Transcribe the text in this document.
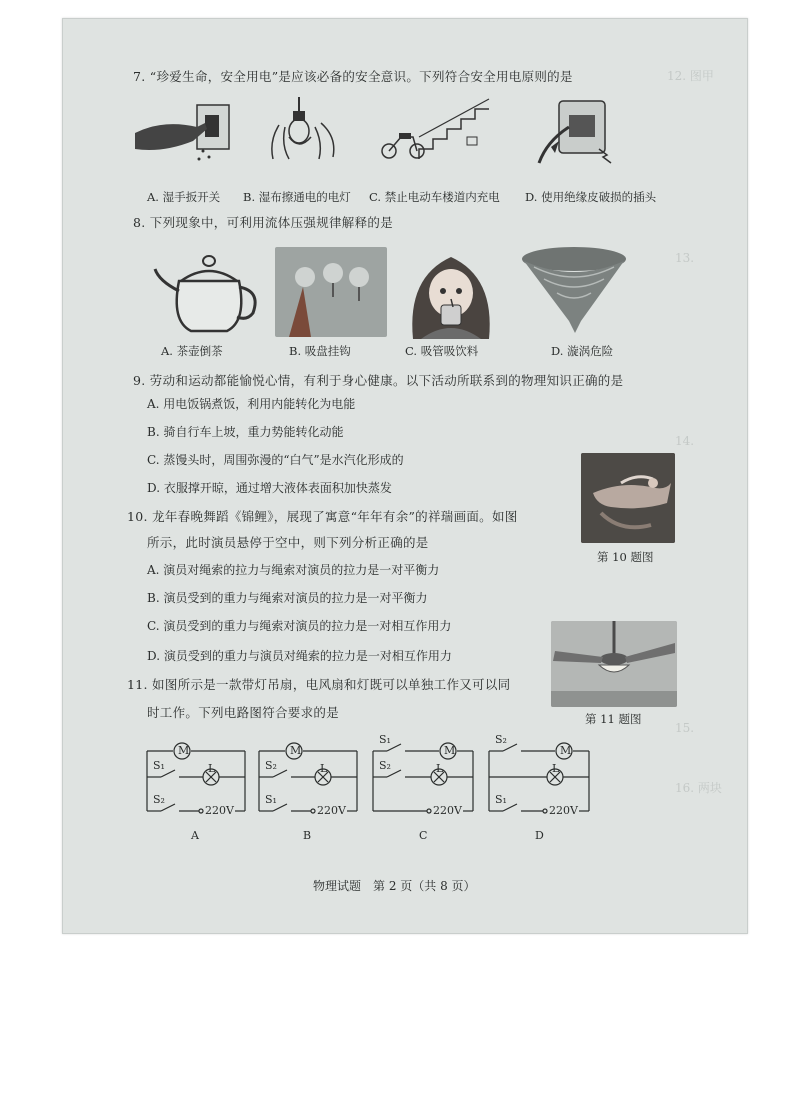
12. 图甲
13.
14.
15.
16. 两块
7. “珍爱生命，安全用电”是应该必备的安全意识。下列符合安全用电原则的是
A. 湿手扳开关 B. 湿布擦通电的电灯 C. 禁止电动车楼道内充电 D. 使用绝缘皮破损的插头
8. 下列现象中，可利用流体压强规律解释的是
A. 茶壶倒茶	B. 吸盘挂钩	C. 吸管吸饮料	D. 漩涡危险
9. 劳动和运动都能愉悦心情，有利于身心健康。以下活动所联系到的物理知识正确的是
A. 用电饭锅煮饭，利用内能转化为电能
B. 骑自行车上坡，重力势能转化动能
C. 蒸馒头时，周围弥漫的“白气”是水汽化形成的
D. 衣服撑开晾，通过增大液体表面积加快蒸发
10. 龙年春晚舞蹈《锦鲤》，展现了寓意“年年有余”的祥瑞画面。如图
所示，此时演员悬停于空中，则下列分析正确的是
第 10 题图
A. 演员对绳索的拉力与绳索对演员的拉力是一对平衡力
B. 演员受到的重力与绳索对演员的拉力是一对平衡力
C. 演员受到的重力与绳索对演员的拉力是一对相互作用力
D. 演员受到的重力与演员对绳索的拉力是一对相互作用力
11. 如图所示是一款带灯吊扇，电风扇和灯既可以单独工作又可以同
时工作。下列电路图符合要求的是	第 11 题图
M
S₁	L
S₂
220V
A
M
S₂	L
S₁
220V
B
S₁
M
S₂	L
220V
C
S₂
M
L
S₁
220V
D
物理试题　第 2 页（共 8 页）
